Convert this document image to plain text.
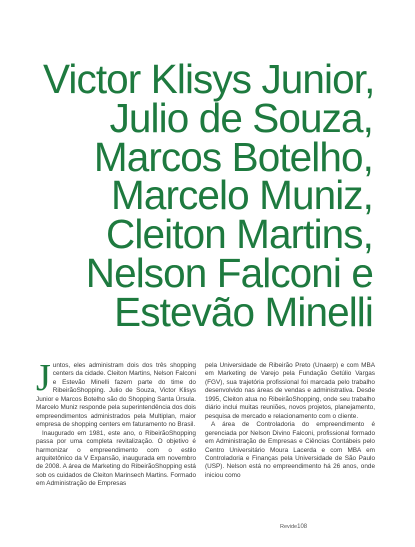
Victor Klisys Junior,
Julio de Souza,
Marcos Botelho,
Marcelo Muniz,
Cleiton Martins,
Nelson Falconi e
Estevão Minelli

Juntos, eles administram dois dos três shopping centers da cidade. Cleiton Martins, Nelson Falconi e Estevão Minelli fazem parte do time do RibeirãoShopping. Julio de Souza, Victor Klisys Junior e Marcos Botelho são do Shopping Santa Úrsula. Marcelo Muniz responde pela superintendência dos dois empreendimentos administrados pela Multiplan, maior empresa de shopping centers em faturamento no Brasil.

Inaugurado em 1981, este ano, o RibeirãoShopping passa por uma completa revitalização. O objetivo é harmonizar o empreendimento com o estilo arquitetônico da V Expansão, inaugurada em novembro de 2008. A área de Marketing do RibeirãoShopping está sob os cuidados de Cleiton Marinsech Martins. Formado em Administração de Empresas

pela Universidade de Ribeirão Preto (Unaerp) e com MBA em Marketing de Varejo pela Fundação Getúlio Vargas (FGV), sua trajetória profissional foi marcada pelo trabalho desenvolvido nas áreas de vendas e administrativa. Desde 1995, Cleiton atua no RibeirãoShopping, onde seu trabalho diário inclui muitas reuniões, novos projetos, planejamento, pesquisa de mercado e relacionamento com o cliente.

A área de Controladoria do empreendimento é gerenciada por Nelson Divino Falconi, profissional formado em Administração de Empresas e Ciências Contábeis pelo Centro Universitário Moura Lacerda e com MBA em Controladoria e Finanças pela Universidade de São Paulo (USP). Nelson está no empreendimento há 26 anos, onde iniciou como

Revide108
